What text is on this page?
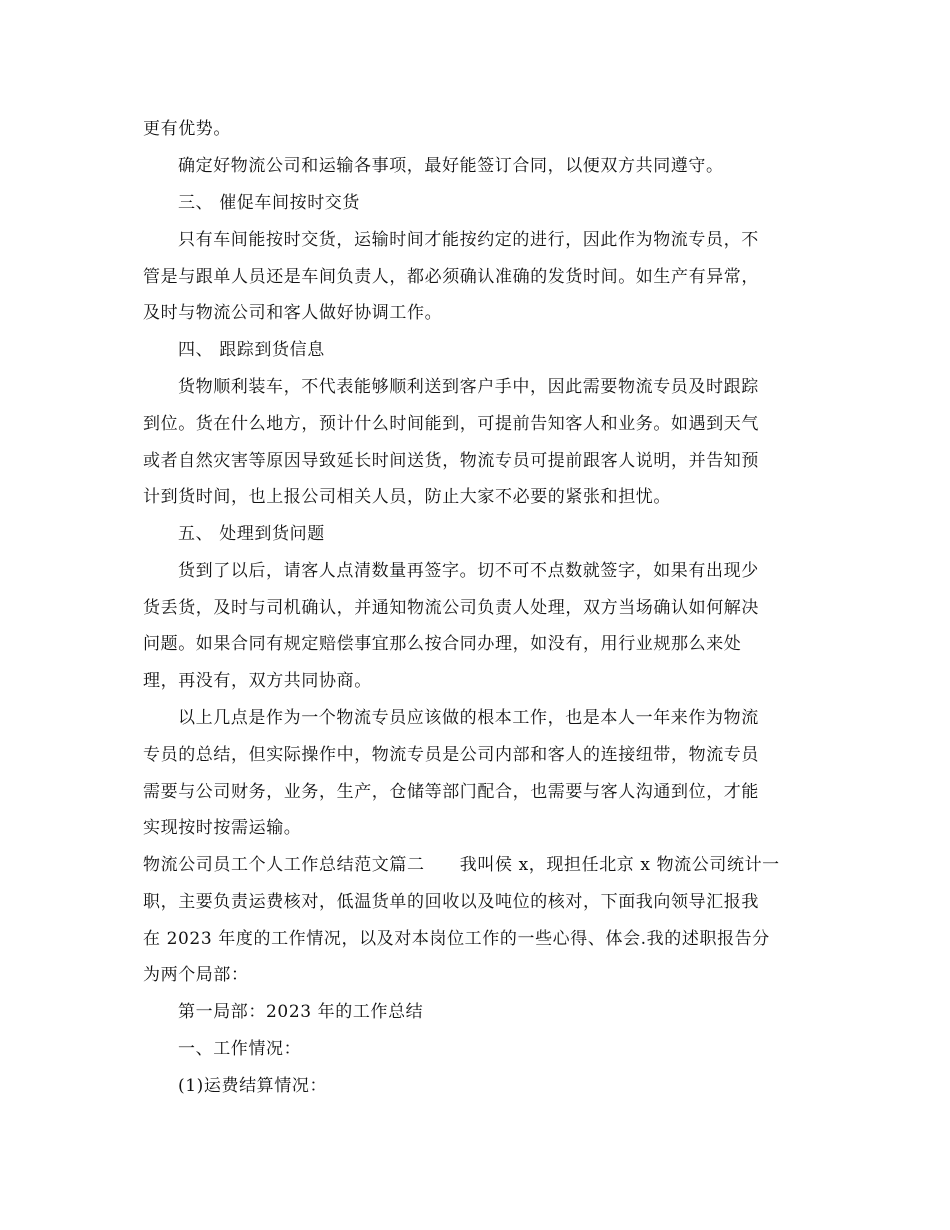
更有优势。
确定好物流公司和运输各事项，最好能签订合同，以便双方共同遵守。
三、 催促车间按时交货
只有车间能按时交货，运输时间才能按约定的进行，因此作为物流专员，不
管是与跟单人员还是车间负责人，都必须确认准确的发货时间。如生产有异常，
及时与物流公司和客人做好协调工作。
四、 跟踪到货信息
货物顺利装车，不代表能够顺利送到客户手中，因此需要物流专员及时跟踪
到位。货在什么地方，预计什么时间能到，可提前告知客人和业务。如遇到天气
或者自然灾害等原因导致延长时间送货，物流专员可提前跟客人说明，并告知预
计到货时间，也上报公司相关人员，防止大家不必要的紧张和担忧。
五、 处理到货问题
货到了以后，请客人点清数量再签字。切不可不点数就签字，如果有出现少
货丢货，及时与司机确认，并通知物流公司负责人处理，双方当场确认如何解决
问题。如果合同有规定赔偿事宜那么按合同办理，如没有，用行业规那么来处
理，再没有，双方共同协商。
以上几点是作为一个物流专员应该做的根本工作，也是本人一年来作为物流
专员的总结，但实际操作中，物流专员是公司内部和客人的连接纽带，物流专员
需要与公司财务，业务，生产，仓储等部门配合，也需要与客人沟通到位，才能
实现按时按需运输。
物流公司员工个人工作总结范文篇二　　我叫侯 x，现担任北京 x 物流公司统计一
职，主要负责运费核对，低温货单的回收以及吨位的核对，下面我向领导汇报我
在 2023 年度的工作情况，以及对本岗位工作的一些心得、体会.我的述职报告分
为两个局部：
第一局部：2023 年的工作总结
一、工作情况：
(1)运费结算情况：
